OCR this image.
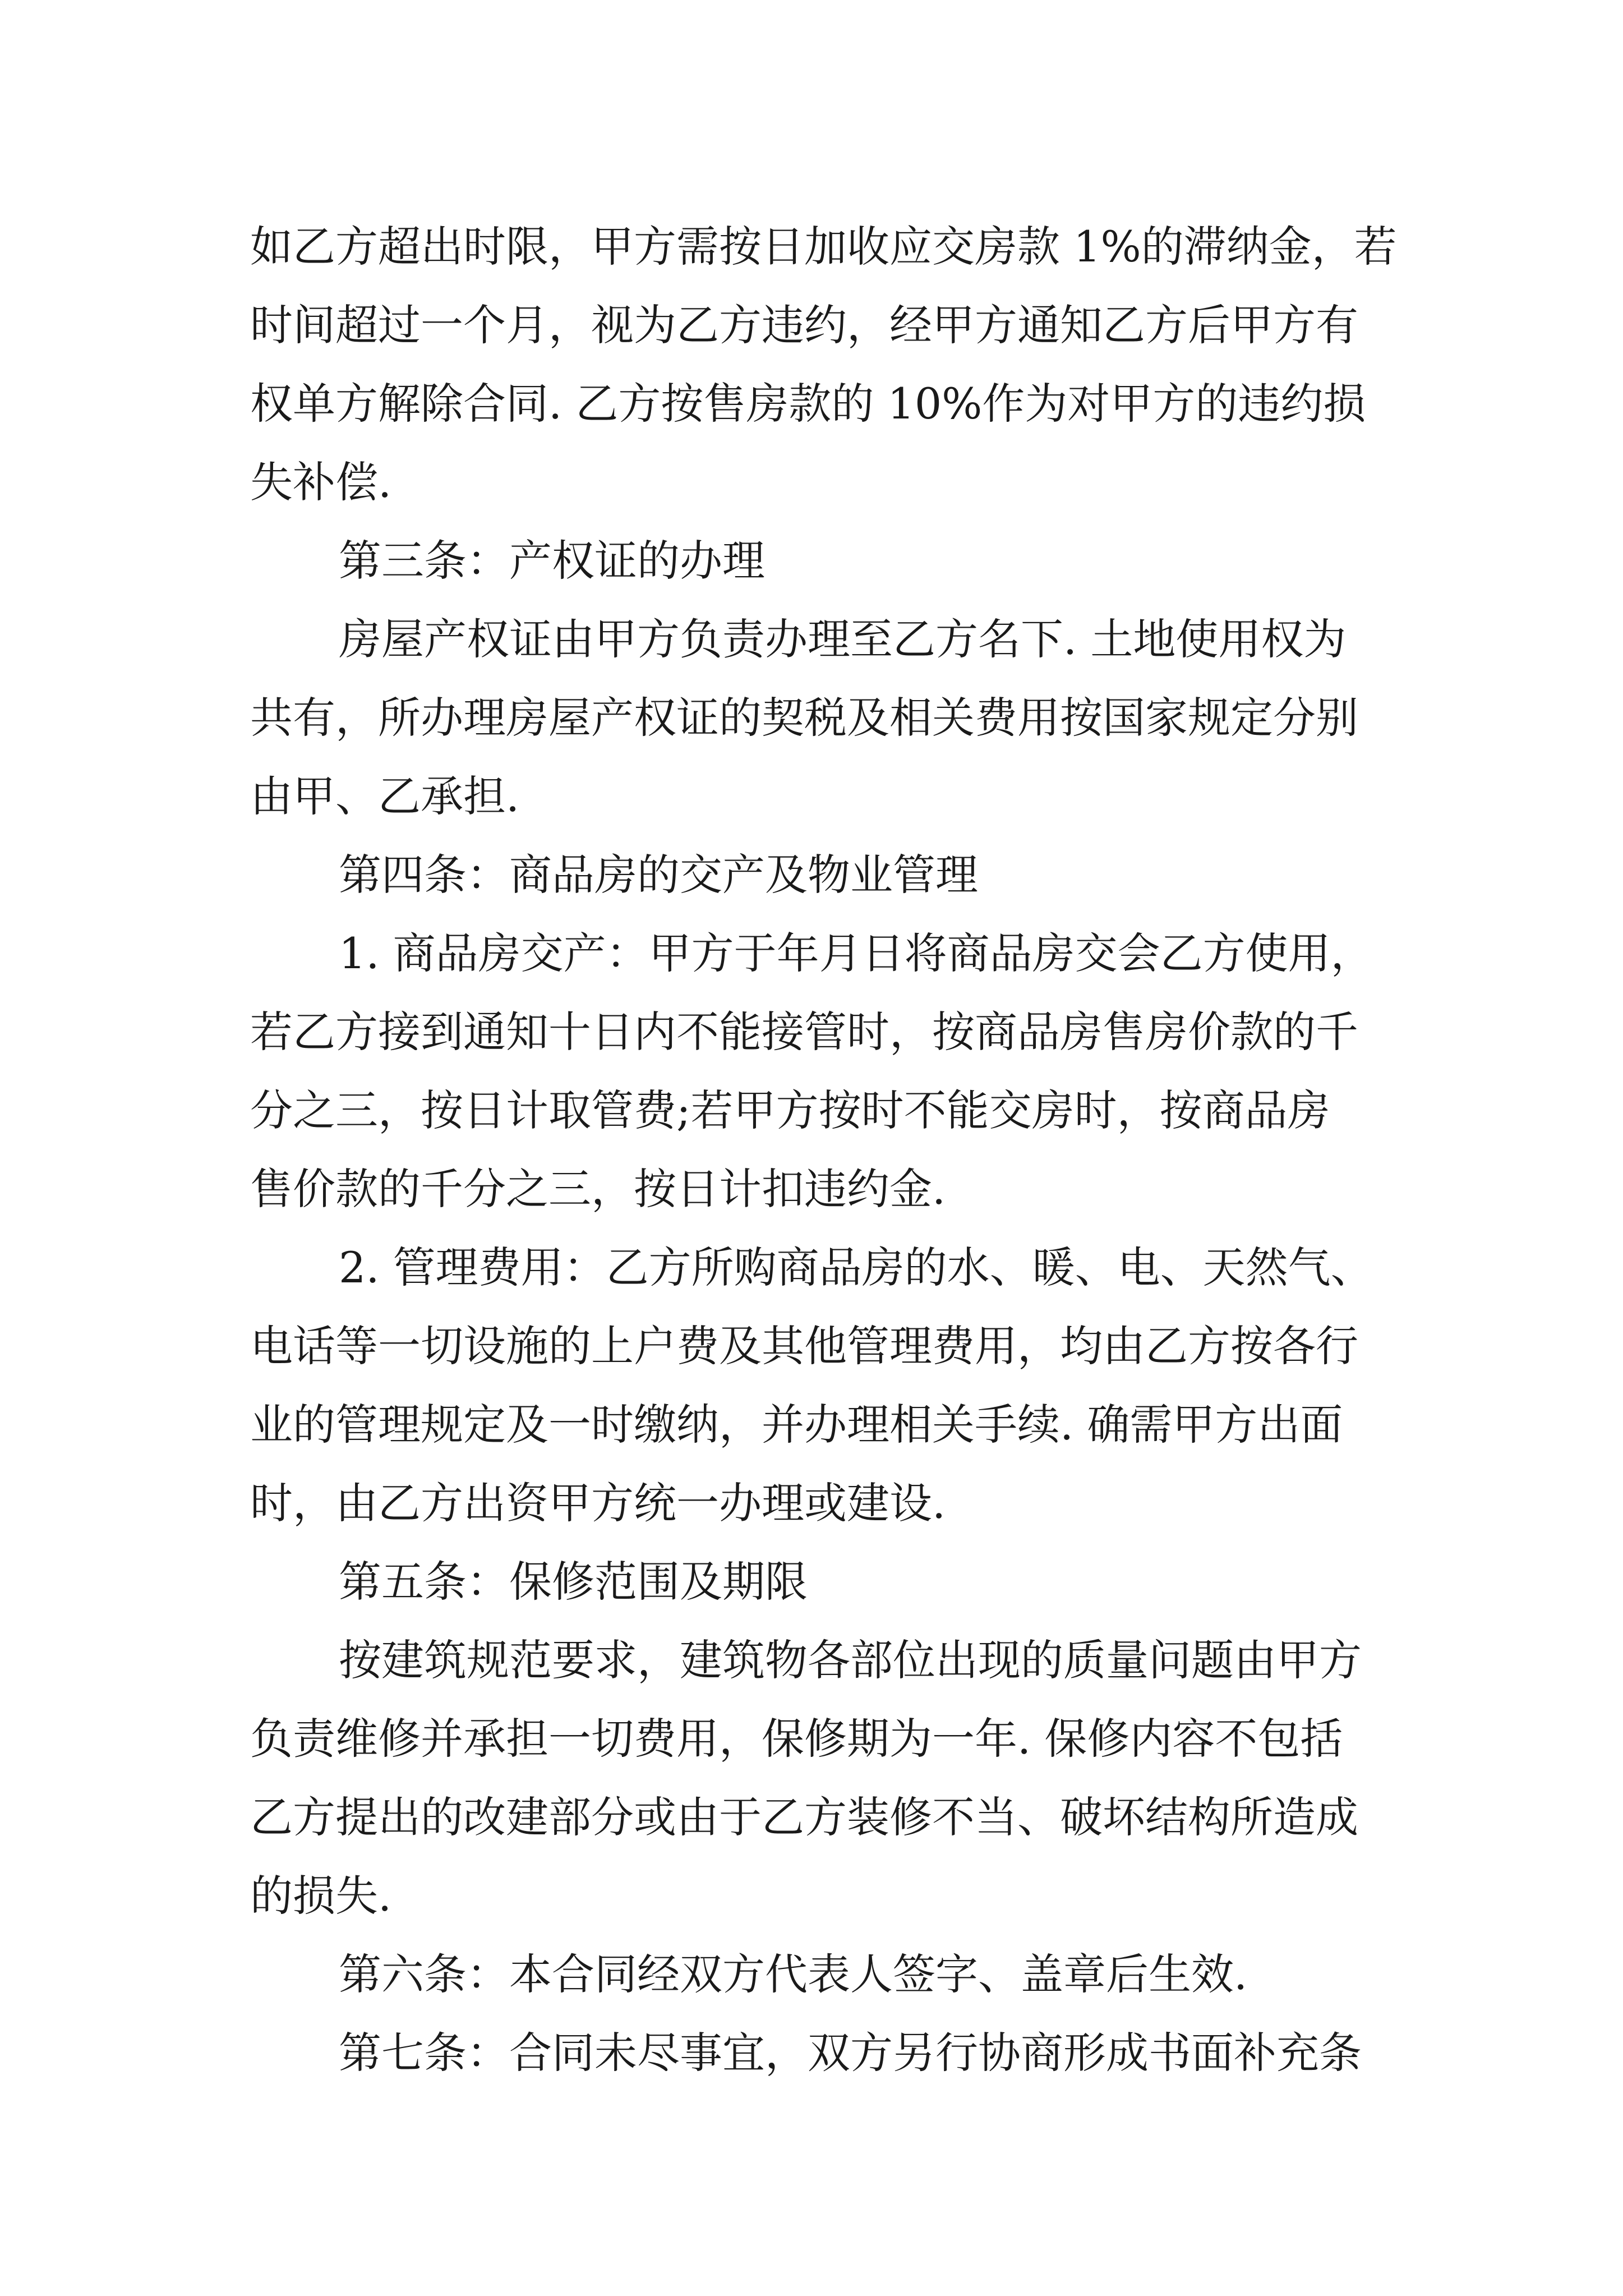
如乙方超出时限，甲方需按日加收应交房款 1%的滞纳金，若
时间超过一个月，视为乙方违约，经甲方通知乙方后甲方有
权单方解除合同. 乙方按售房款的 10%作为对甲方的违约损
失补偿.
第三条：产权证的办理
房屋产权证由甲方负责办理至乙方名下. 土地使用权为
共有，所办理房屋产权证的契税及相关费用按国家规定分别
由甲、乙承担.
第四条：商品房的交产及物业管理
1. 商品房交产：甲方于年月日将商品房交会乙方使用，
若乙方接到通知十日内不能接管时，按商品房售房价款的千
分之三，按日计取管费;若甲方按时不能交房时，按商品房
售价款的千分之三，按日计扣违约金.
2. 管理费用：乙方所购商品房的水、暖、电、天然气、
电话等一切设施的上户费及其他管理费用，均由乙方按各行
业的管理规定及一时缴纳，并办理相关手续. 确需甲方出面
时，由乙方出资甲方统一办理或建设.
第五条：保修范围及期限
按建筑规范要求，建筑物各部位出现的质量问题由甲方
负责维修并承担一切费用，保修期为一年. 保修内容不包括
乙方提出的改建部分或由于乙方装修不当、破坏结构所造成
的损失.
第六条：本合同经双方代表人签字、盖章后生效.
第七条：合同未尽事宜，双方另行协商形成书面补充条
